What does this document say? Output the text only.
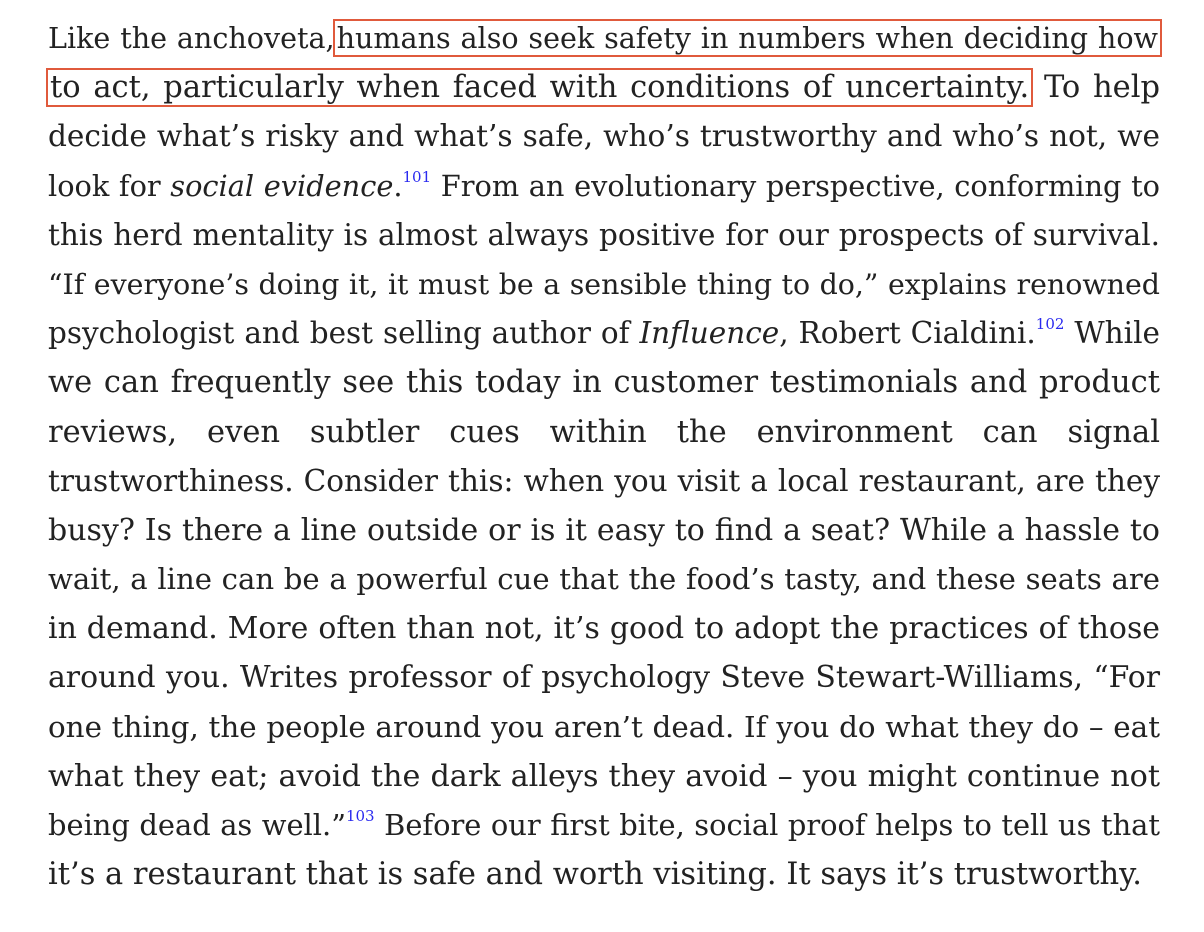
Like the anchoveta,humans also seek safety in numbers when deciding how
to act, particularly when faced with conditions of uncertainty. To help
decide what’s risky and what’s safe, who’s trustworthy and who’s not, we
look for social evidence.$^{101}$ From an evolutionary perspective, conforming to
this herd mentality is almost always positive for our prospects of survival.
“If everyone’s doing it, it must be a sensible thing to do,” explains renowned
psychologist and best selling author of Influence, Robert Cialdini.$^{102}$ While
we can frequently see this today in customer testimonials and product
reviews, even subtler cues within the environment can signal
trustworthiness. Consider this: when you visit a local restaurant, are they
busy? Is there a line outside or is it easy to find a seat? While a hassle to
wait, a line can be a powerful cue that the food’s tasty, and these seats are
in demand. More often than not, it’s good to adopt the practices of those
around you. Writes professor of psychology Steve Stewart-Williams, “For
one thing, the people around you aren’t dead. If you do what they do – eat
what they eat; avoid the dark alleys they avoid – you might continue not
being dead as well.”$^{103}$ Before our first bite, social proof helps to tell us that
it’s a restaurant that is safe and worth visiting. It says it’s trustworthy.
